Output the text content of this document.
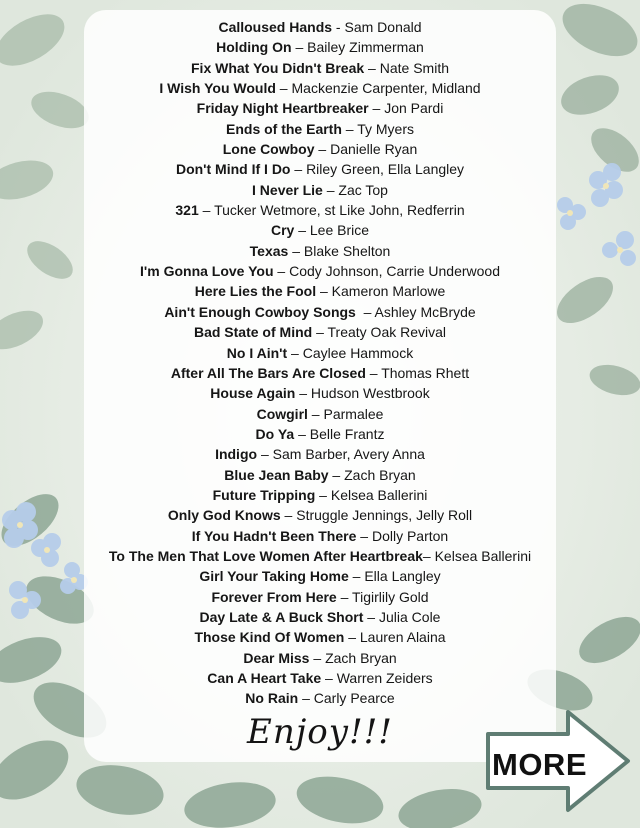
Calloused Hands - Sam Donald
Holding On – Bailey Zimmerman
Fix What You Didn't Break – Nate Smith
I Wish You Would – Mackenzie Carpenter, Midland
Friday Night Heartbreaker – Jon Pardi
Ends of the Earth – Ty Myers
Lone Cowboy – Danielle Ryan
Don't Mind If I Do – Riley Green, Ella Langley
I Never Lie – Zac Top
321 – Tucker Wetmore, st Like John, Redferrin
Cry – Lee Brice
Texas – Blake Shelton
I'm Gonna Love You – Cody Johnson, Carrie Underwood
Here Lies the Fool – Kameron Marlowe
Ain't Enough Cowboy Songs  – Ashley McBryde
Bad State of Mind – Treaty Oak Revival
No I Ain't – Caylee Hammock
After All The Bars Are Closed – Thomas Rhett
House Again – Hudson Westbrook
Cowgirl – Parmalee
Do Ya – Belle Frantz
Indigo – Sam Barber, Avery Anna
Blue Jean Baby – Zach Bryan
Future Tripping – Kelsea Ballerini
Only God Knows – Struggle Jennings, Jelly Roll
If You Hadn't Been There – Dolly Parton
To The Men That Love Women After Heartbreak– Kelsea Ballerini
Girl Your Taking Home – Ella Langley
Forever From Here – Tigirlily Gold
Day Late & A Buck Short – Julia Cole
Those Kind Of Women – Lauren Alaina
Dear Miss – Zach Bryan
Can A Heart Take – Warren Zeiders
No Rain – Carly Pearce
Enjoy!!!
MORE
